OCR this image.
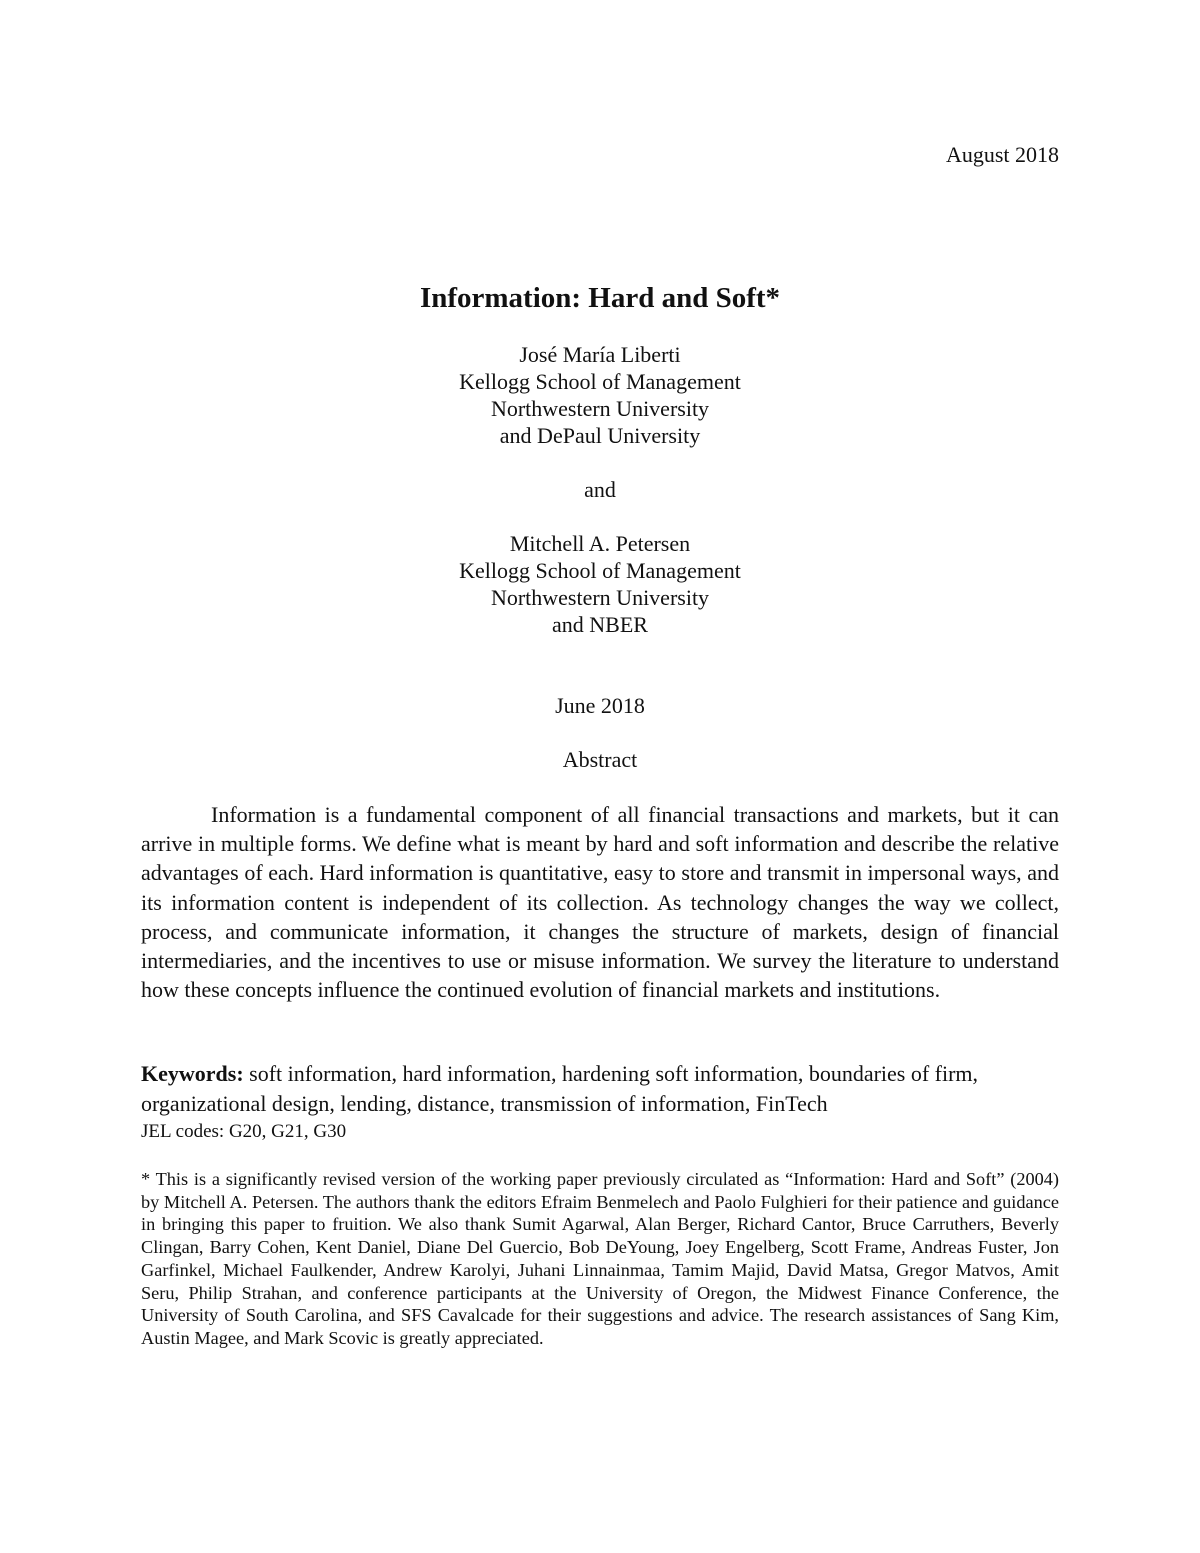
August 2018
Information: Hard and Soft*
José María Liberti
Kellogg School of Management
Northwestern University
and DePaul University
and
Mitchell A. Petersen
Kellogg School of Management
Northwestern University
and NBER
June 2018
Abstract

Information is a fundamental component of all financial transactions and markets, but it can arrive in multiple forms. We define what is meant by hard and soft information and describe the relative advantages of each. Hard information is quantitative, easy to store and transmit in impersonal ways, and its information content is independent of its collection. As technology changes the way we collect, process, and communicate information, it changes the structure of markets, design of financial intermediaries, and the incentives to use or misuse information. We survey the literature to understand how these concepts influence the continued evolution of financial markets and institutions.

Keywords: soft information, hard information, hardening soft information, boundaries of firm, organizational design, lending, distance, transmission of information, FinTech

JEL codes: G20, G21, G30

* This is a significantly revised version of the working paper previously circulated as “Information: Hard and Soft” (2004) by Mitchell A. Petersen. The authors thank the editors Efraim Benmelech and Paolo Fulghieri for their patience and guidance in bringing this paper to fruition. We also thank Sumit Agarwal, Alan Berger, Richard Cantor, Bruce Carruthers, Beverly Clingan, Barry Cohen, Kent Daniel, Diane Del Guercio, Bob DeYoung, Joey Engelberg, Scott Frame, Andreas Fuster, Jon Garfinkel, Michael Faulkender, Andrew Karolyi, Juhani Linnainmaa, Tamim Majid, David Matsa, Gregor Matvos, Amit Seru, Philip Strahan, and conference participants at the University of Oregon, the Midwest Finance Conference, the University of South Carolina, and SFS Cavalcade for their suggestions and advice. The research assistances of Sang Kim, Austin Magee, and Mark Scovic is greatly appreciated.
